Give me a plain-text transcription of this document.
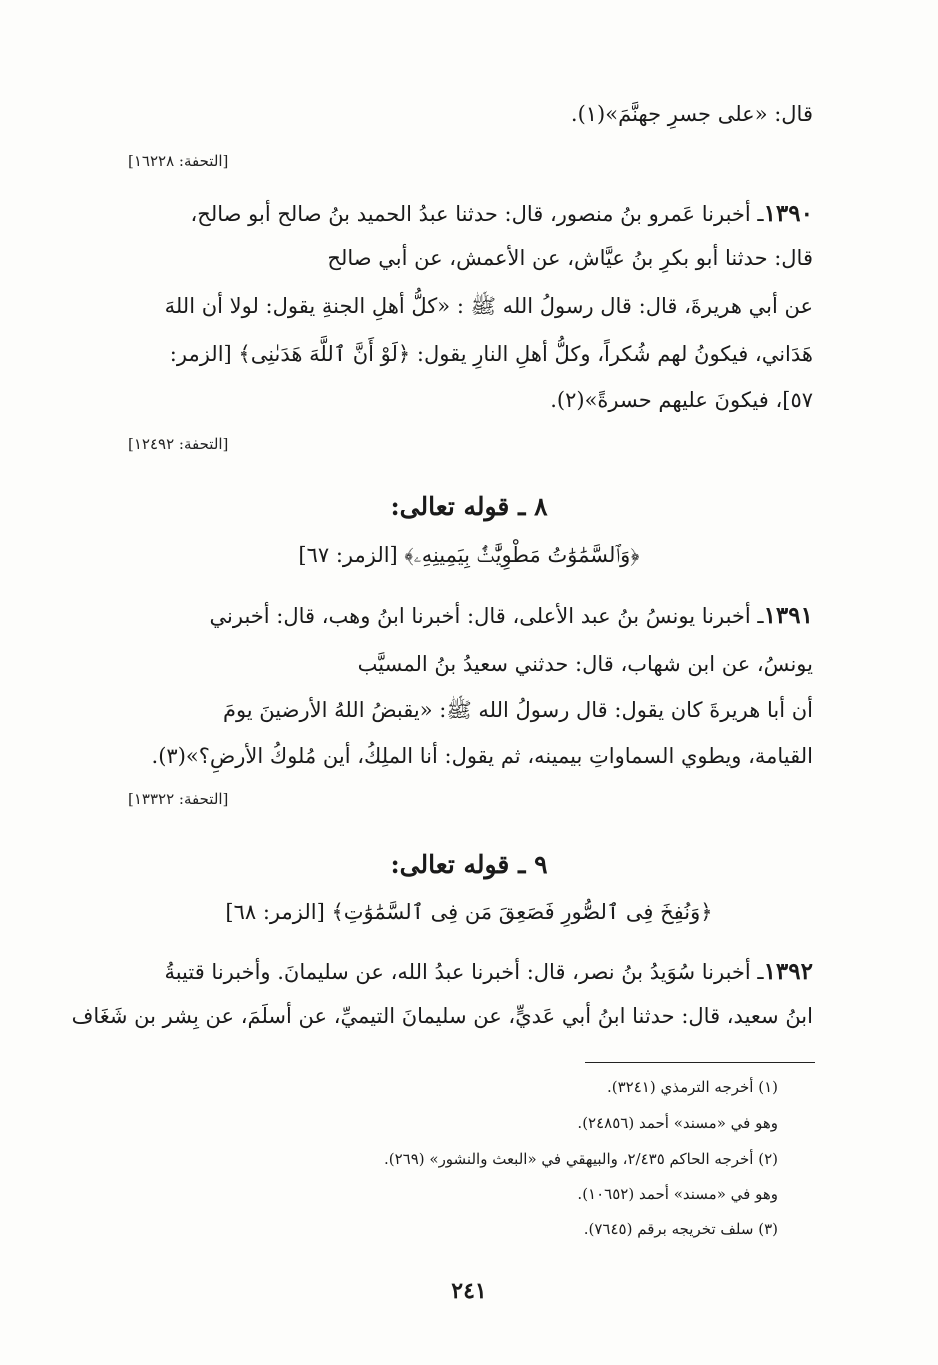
قال: «على جسرِ جهنَّمَ»(١).
[التحفة: ١٦٢٢٨]
١٣٩٠ـ أخبرنا عَمرو بنُ منصور، قال: حدثنا عبدُ الحميد بنُ صالح أبو صالح،
قال: حدثنا أبو بكرِ بنُ عيَّاش، عن الأعمش، عن أبي صالح
عن أبي هريرةَ، قال: قال رسولُ الله ﷺ : «كلُّ أهلِ الجنةِ يقول: لولا أن اللهَ
هَدَاني، فيكونُ لهم شُكراً، وكلُّ أهلِ النارِ يقول: ﴿لَوْ أَنَّ ٱللَّهَ هَدَىٰنِى﴾ [الزمر:
٥٧]، فيكونَ عليهم حسرةً»(٢).
[التحفة: ١٢٤٩٢]
٨ ـ قوله تعالى:
﴿وَٱلسَّمَٰوَٰتُ مَطْوِيَّٰتٌۢ بِيَمِينِهِۦ﴾ [الزمر: ٦٧]
١٣٩١ـ أخبرنا يونسُ بنُ عبد الأعلى، قال: أخبرنا ابنُ وهب، قال: أخبرني
يونسُ، عن ابن شهاب، قال: حدثني سعيدُ بنُ المسيَّب
أن أبا هريرةَ كان يقول: قال رسولُ الله ﷺ: «يقبضُ اللهُ الأرضينَ يومَ
القيامة، ويطوي السماواتِ بيمينه، ثم يقول: أنا الملِكُ، أين مُلوكُ الأرضِ؟»(٣).
[التحفة: ١٣٣٢٢]
٩ ـ قوله تعالى:
﴿وَنُفِخَ فِى ٱلصُّورِ فَصَعِقَ مَن فِى ٱلسَّمَٰوَٰتِ﴾ [الزمر: ٦٨]
١٣٩٢ـ أخبرنا سُوَيدُ بنُ نصر، قال: أخبرنا عبدُ الله، عن سليمانَ. وأخبرنا قتيبةُ
ابنُ سعيد، قال: حدثنا ابنُ أبي عَديٍّ، عن سليمانَ التيميِّ، عن أسلَمَ، عن بِشر بن شَغَاف
(١) أخرجه الترمذي (٣٢٤١).
وهو في «مسند» أحمد (٢٤٨٥٦).
(٢) أخرجه الحاكم ٢/٤٣٥، والبيهقي في «البعث والنشور» (٢٦٩).
وهو في «مسند» أحمد (١٠٦٥٢).
(٣) سلف تخريجه برقم (٧٦٤٥).
٢٤١
